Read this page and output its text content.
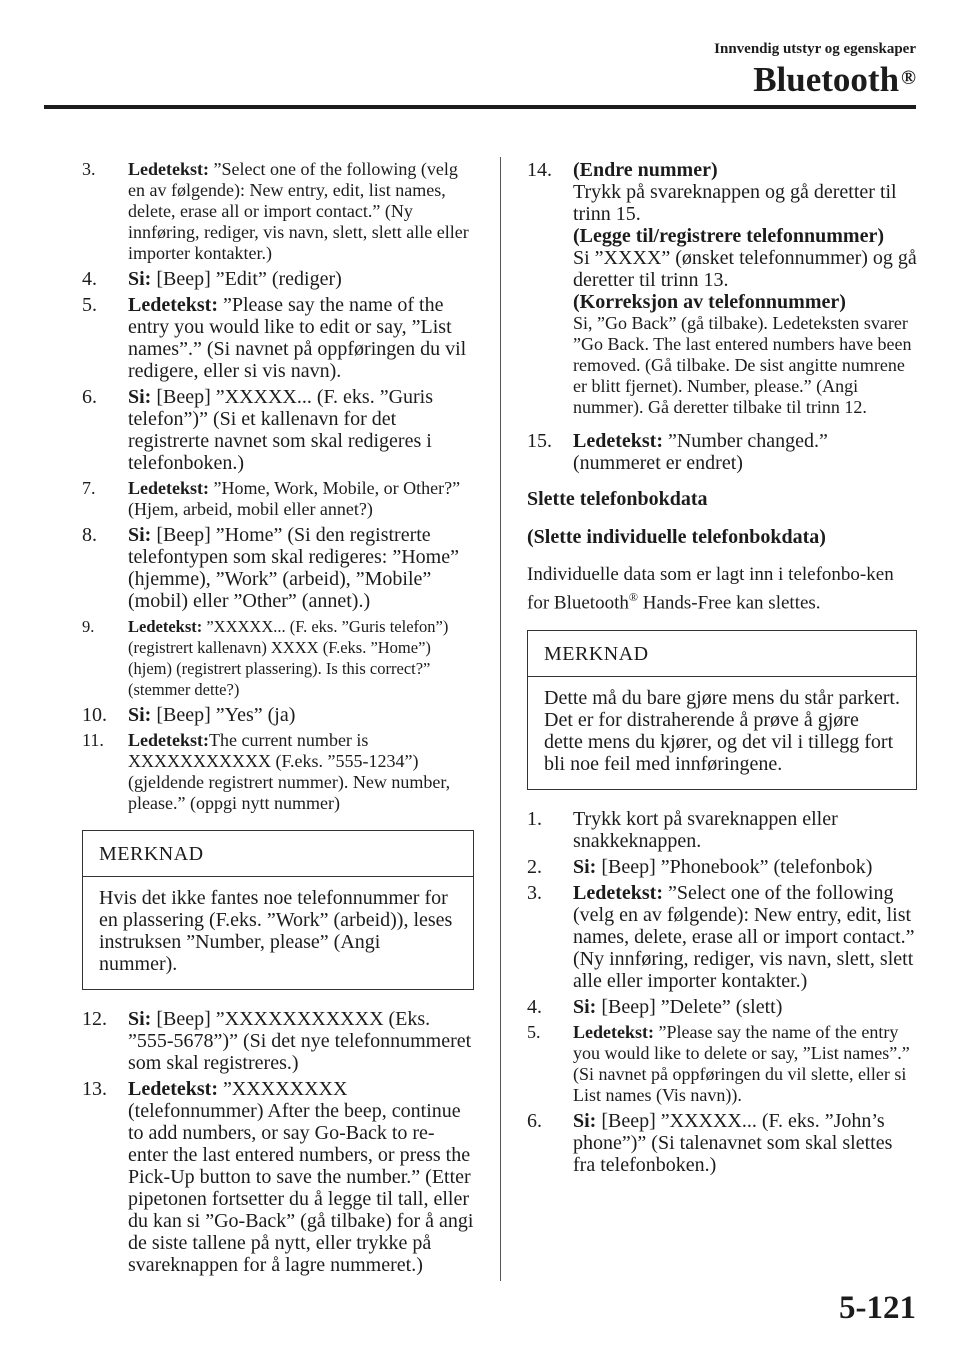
Innvendig utstyr og egenskaper
Bluetooth ®
3. Ledetekst: ”Select one of the following (velg en av følgende): New entry, edit, list names, delete, erase all or import contact.” (Ny innføring, rediger, vis navn, slett, slett alle eller importer kontakter.)
4. Si: [Beep] ”Edit” (rediger)
5. Ledetekst: ”Please say the name of the entry you would like to edit or say, ”List names”.” (Si navnet på oppføringen du vil redigere, eller si vis navn).
6. Si: [Beep] ”XXXXX... (F. eks. ”Guris telefon”)” (Si et kallenavn for det registrerte navnet som skal redigeres i telefonboken.)
7. Ledetekst: ”Home, Work, Mobile, or Other?” (Hjem, arbeid, mobil eller annet?)
8. Si: [Beep] ”Home” (Si den registrerte telefontypen som skal redigeres: ”Home” (hjemme), ”Work” (arbeid), ”Mobile” (mobil) eller ”Other” (annet).)
9. Ledetekst: ”XXXXX... (F. eks. ”Guris telefon”) (registrert kallenavn) XXXX (F.eks. ”Home”) (hjem) (registrert plassering). Is this correct?” (stemmer dette?)
10. Si: [Beep] ”Yes” (ja)
11. Ledetekst:The current number is XXXXXXXXXXX (F.eks. ”555-1234”) (gjeldende registrert nummer). New number, please.” (oppgi nytt nummer)
MERKNAD
Hvis det ikke fantes noe telefonnummer for en plassering (F.eks. ”Work” (arbeid)), leses instruksen ”Number, please” (Angi nummer).
12. Si: [Beep] ”XXXXXXXXXXX (Eks. ”555-5678”)” (Si det nye telefonnummeret som skal registreres.)
13. Ledetekst: ”XXXXXXXX (telefonnummer) After the beep, continue to add numbers, or say Go-Back to re-enter the last entered numbers, or press the Pick-Up button to save the number.” (Etter pipetonen fortsetter du å legge til tall, eller du kan si ”Go-Back” (gå tilbake) for å angi de siste tallene på nytt, eller trykke på svareknappen for å lagre nummeret.)
14. (Endre nummer)
Trykk på svareknappen og gå deretter til trinn 15.
(Legge til/registrere telefonnummer)
Si ”XXXX” (ønsket telefonnummer) og gå deretter til trinn 13.
(Korreksjon av telefonnummer)
Si, ”Go Back” (gå tilbake). Ledeteksten svarer ”Go Back. The last entered numbers have been removed. (Gå tilbake. De sist angitte numrene er blitt fjernet). Number, please.” (Angi nummer). Gå deretter tilbake til trinn 12.
15. Ledetekst: ”Number changed.” (nummeret er endret)
Slette telefonbokdata
(Slette individuelle telefonbokdata)
Individuelle data som er lagt inn i telefonbo-ken for Bluetooth® Hands-Free kan slettes.
MERKNAD
Dette må du bare gjøre mens du står parkert. Det er for distraherende å prøve å gjøre dette mens du kjører, og det vil i tillegg fort bli noe feil med innføringene.
1. Trykk kort på svareknappen eller snakkeknappen.
2. Si: [Beep] ”Phonebook” (telefonbok)
3. Ledetekst: ”Select one of the following (velg en av følgende): New entry, edit, list names, delete, erase all or import contact.” (Ny innføring, rediger, vis navn, slett, slett alle eller importer kontakter.)
4. Si: [Beep] ”Delete” (slett)
5. Ledetekst: ”Please say the name of the entry you would like to delete or say, ”List names”.” (Si navnet på oppføringen du vil slette, eller si List names (Vis navn)).
6. Si: [Beep] ”XXXXX... (F. eks. ”John’s phone”)” (Si talenavnet som skal slettes fra telefonboken.)
5-121
